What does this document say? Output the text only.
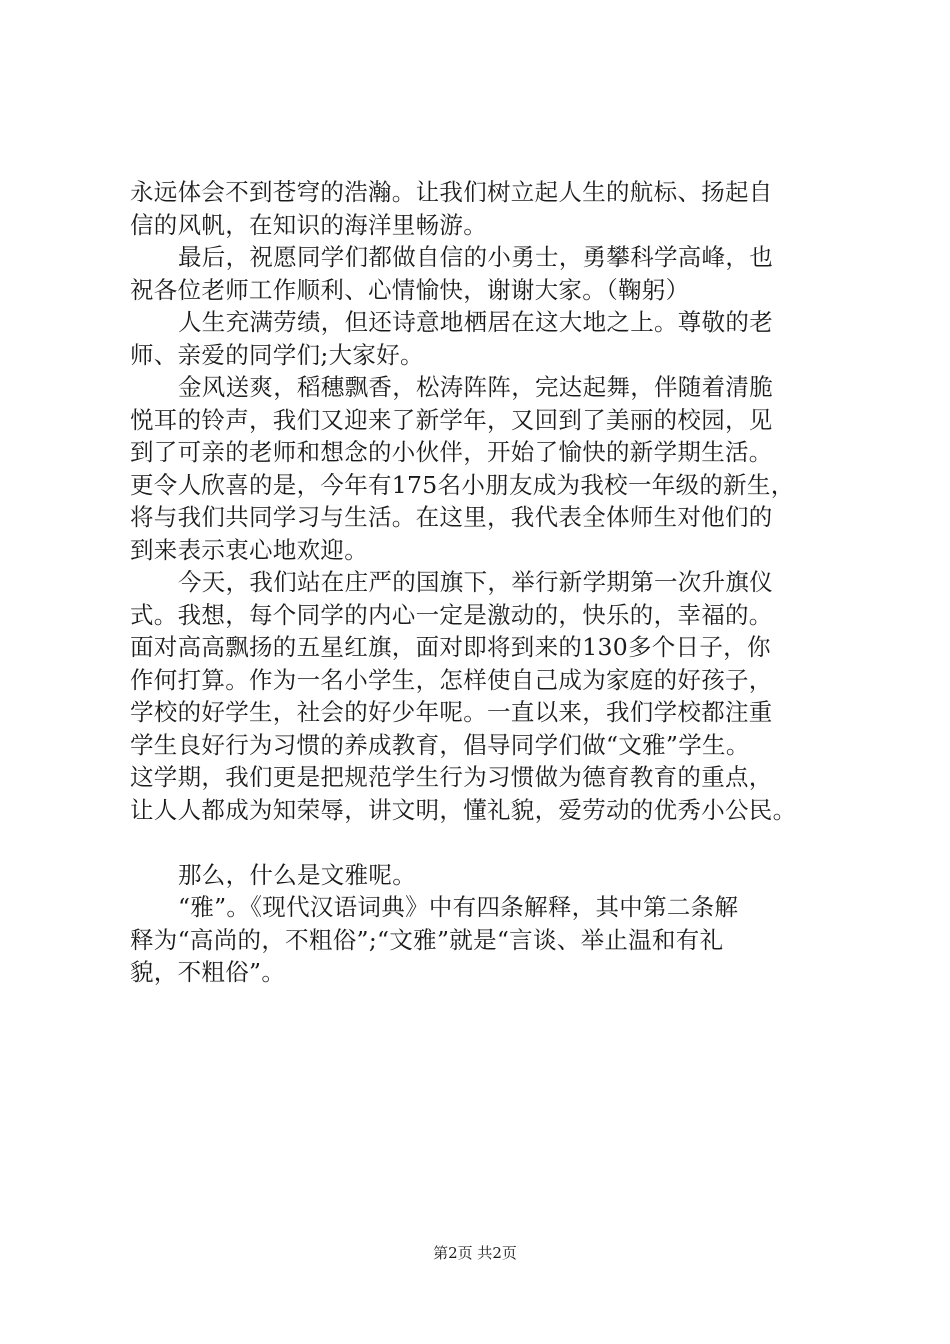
永远体会不到苍穹的浩瀚。让我们树立起人生的航标、扬起自
信的风帆，在知识的海洋里畅游。
最后，祝愿同学们都做自信的小勇士，勇攀科学高峰，也
祝各位老师工作顺利、心情愉快，谢谢大家。（鞠躬）
人生充满劳绩，但还诗意地栖居在这大地之上。尊敬的老
师、亲爱的同学们;大家好。
金风送爽，稻穗飘香，松涛阵阵，完达起舞，伴随着清脆
悦耳的铃声，我们又迎来了新学年，又回到了美丽的校园，见
到了可亲的老师和想念的小伙伴，开始了愉快的新学期生活。
更令人欣喜的是，今年有175名小朋友成为我校一年级的新生，
将与我们共同学习与生活。在这里，我代表全体师生对他们的
到来表示衷心地欢迎。
今天，我们站在庄严的国旗下，举行新学期第一次升旗仪
式。我想，每个同学的内心一定是激动的，快乐的，幸福的。
面对高高飘扬的五星红旗，面对即将到来的130多个日子，你
作何打算。作为一名小学生，怎样使自己成为家庭的好孩子，
学校的好学生，社会的好少年呢。一直以来，我们学校都注重
学生良好行为习惯的养成教育，倡导同学们做“文雅”学生。
这学期，我们更是把规范学生行为习惯做为德育教育的重点，
让人人都成为知荣辱，讲文明，懂礼貌，爱劳动的优秀小公民。
那么，什么是文雅呢。
“雅”。《现代汉语词典》中有四条解释，其中第二条解
释为“高尚的，不粗俗”;“文雅”就是“言谈、举止温和有礼
貌，不粗俗”。
第2页 共2页
